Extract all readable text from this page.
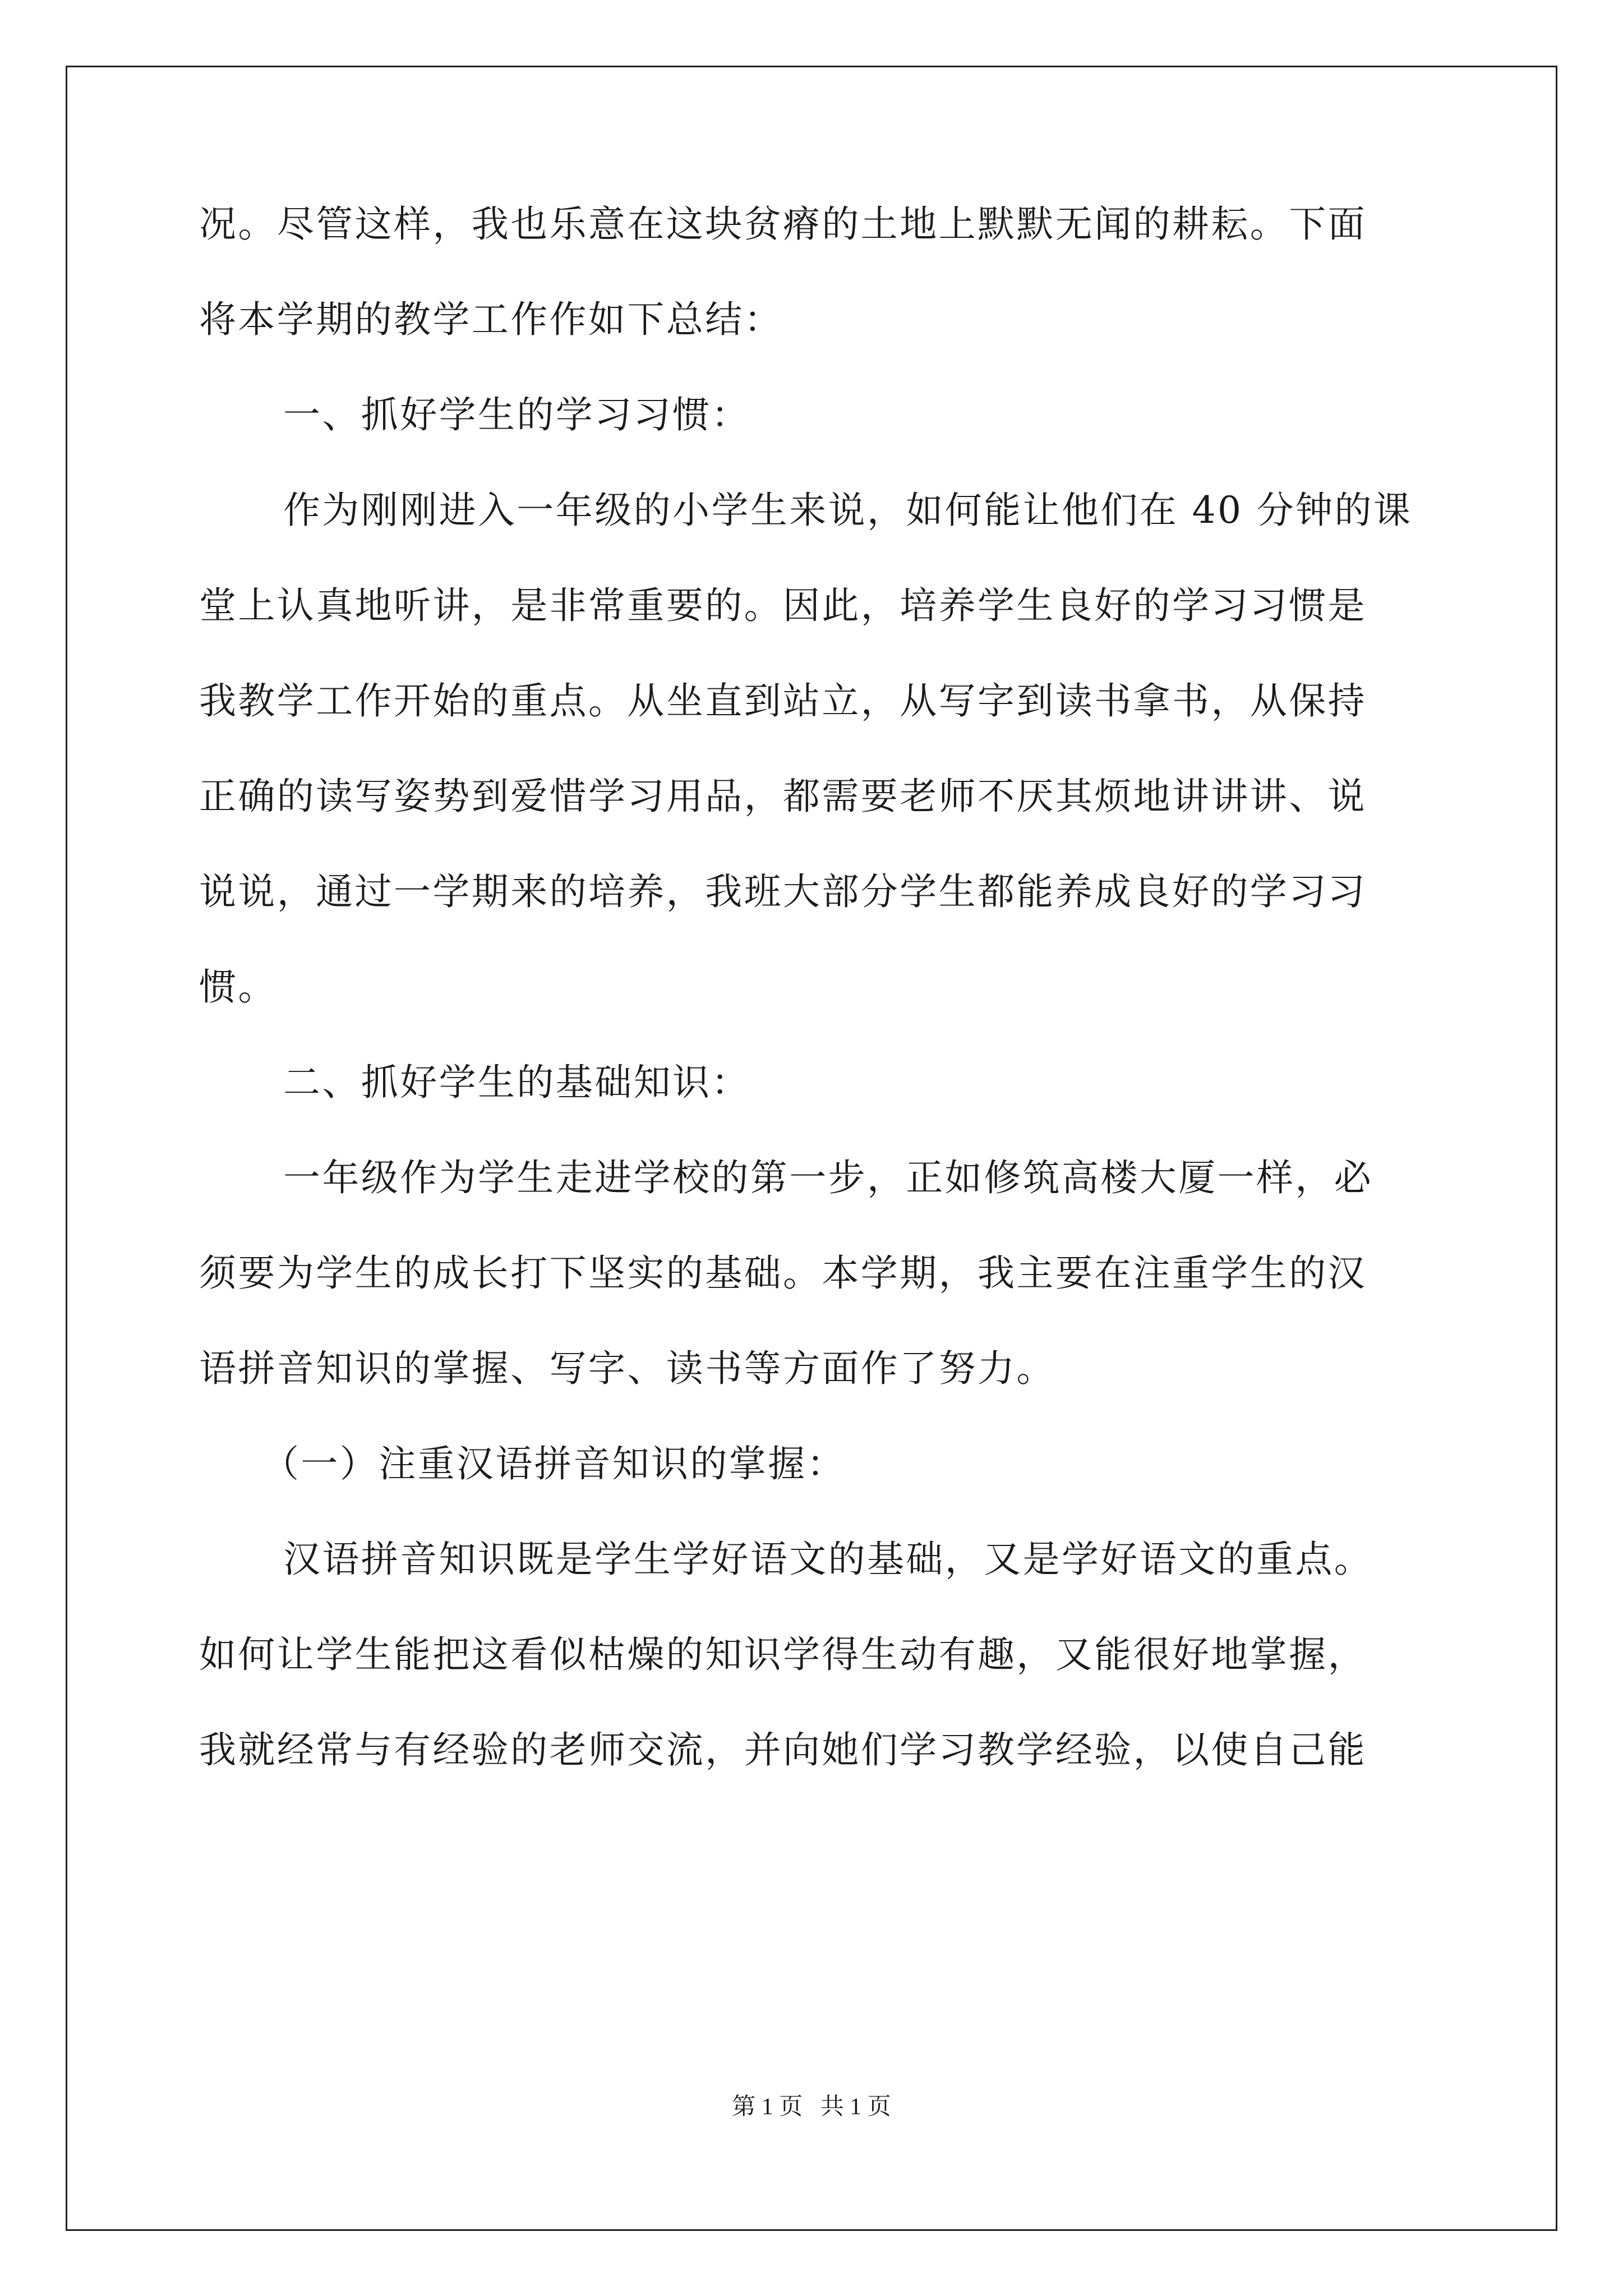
况。尽管这样，我也乐意在这块贫瘠的土地上默默无闻的耕耘。下面
将本学期的教学工作作如下总结：
一、抓好学生的学习习惯：
作为刚刚进入一年级的小学生来说，如何能让他们在 40 分钟的课
堂上认真地听讲，是非常重要的。因此，培养学生良好的学习习惯是
我教学工作开始的重点。从坐直到站立，从写字到读书拿书，从保持
正确的读写姿势到爱惜学习用品，都需要老师不厌其烦地讲讲讲、说
说说，通过一学期来的培养，我班大部分学生都能养成良好的学习习
惯。
二、抓好学生的基础知识：
一年级作为学生走进学校的第一步，正如修筑高楼大厦一样，必
须要为学生的成长打下坚实的基础。本学期，我主要在注重学生的汉
语拼音知识的掌握、写字、读书等方面作了努力。
（一）注重汉语拼音知识的掌握：
汉语拼音知识既是学生学好语文的基础，又是学好语文的重点。
如何让学生能把这看似枯燥的知识学得生动有趣，又能很好地掌握，
我就经常与有经验的老师交流，并向她们学习教学经验，以使自己能
第 1 页   共 1 页
